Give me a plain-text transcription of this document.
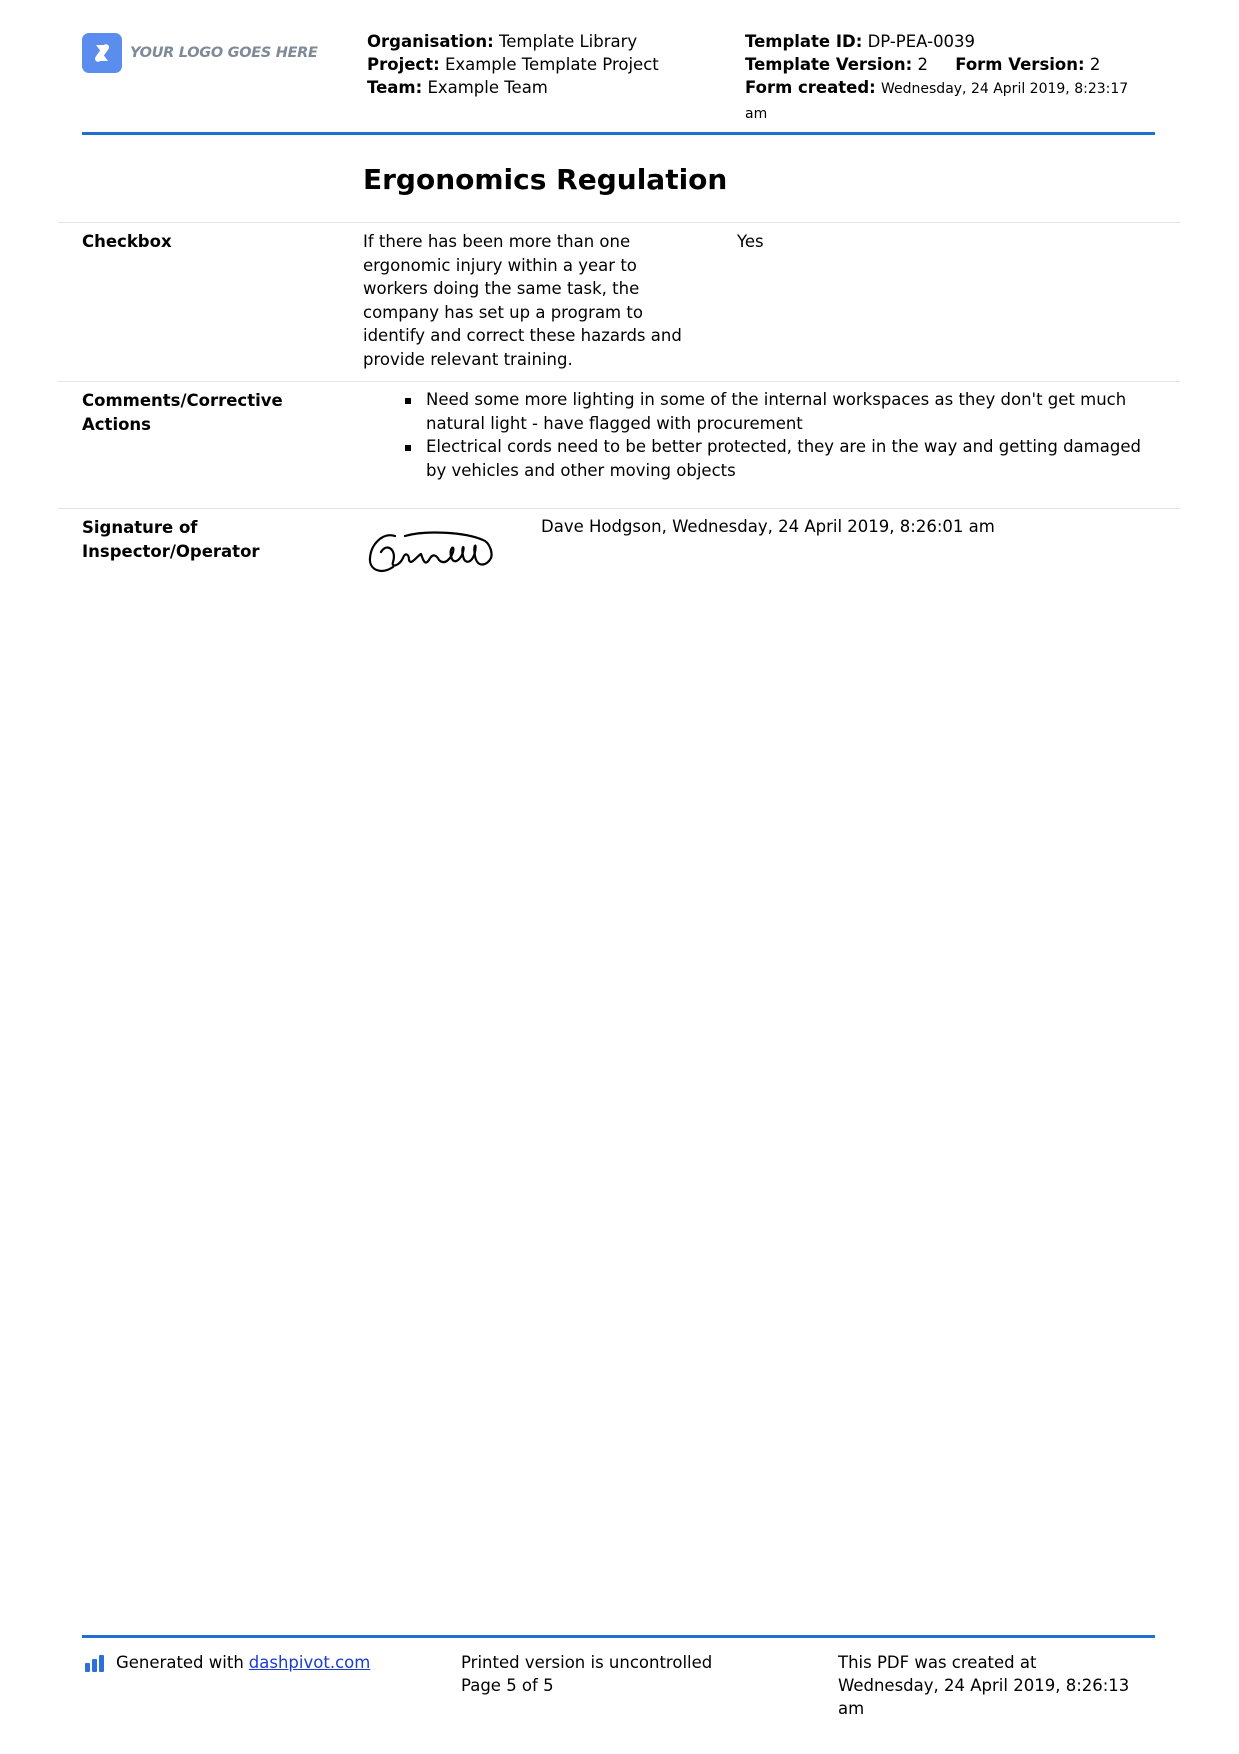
YOUR LOGO GOES HERE
Organisation: Template Library
Project: Example Template Project
Team: Example Team
Template ID: DP-PEA-0039
Template Version: 2 Form Version: 2
Form created: Wednesday, 24 April 2019, 8:23:17 am
Ergonomics Regulation
Checkbox	If there has been more than one ergonomic injury within a year to workers doing the same task, the company has set up a program to identify and correct these hazards and provide relevant training.
Yes
Comments/Corrective Actions
Need some more lighting in some of the internal workspaces as they don't get much natural light - have flagged with procurement
Electrical cords need to be better protected, they are in the way and getting damaged by vehicles and other moving objects
Signature of Inspector/Operator
Dave Hodgson, Wednesday, 24 April 2019, 8:26:01 am
Generated with dashpivot.com	Printed version is uncontrolled
Page 5 of 5
This PDF was created at
Wednesday, 24 April 2019, 8:26:13 am
